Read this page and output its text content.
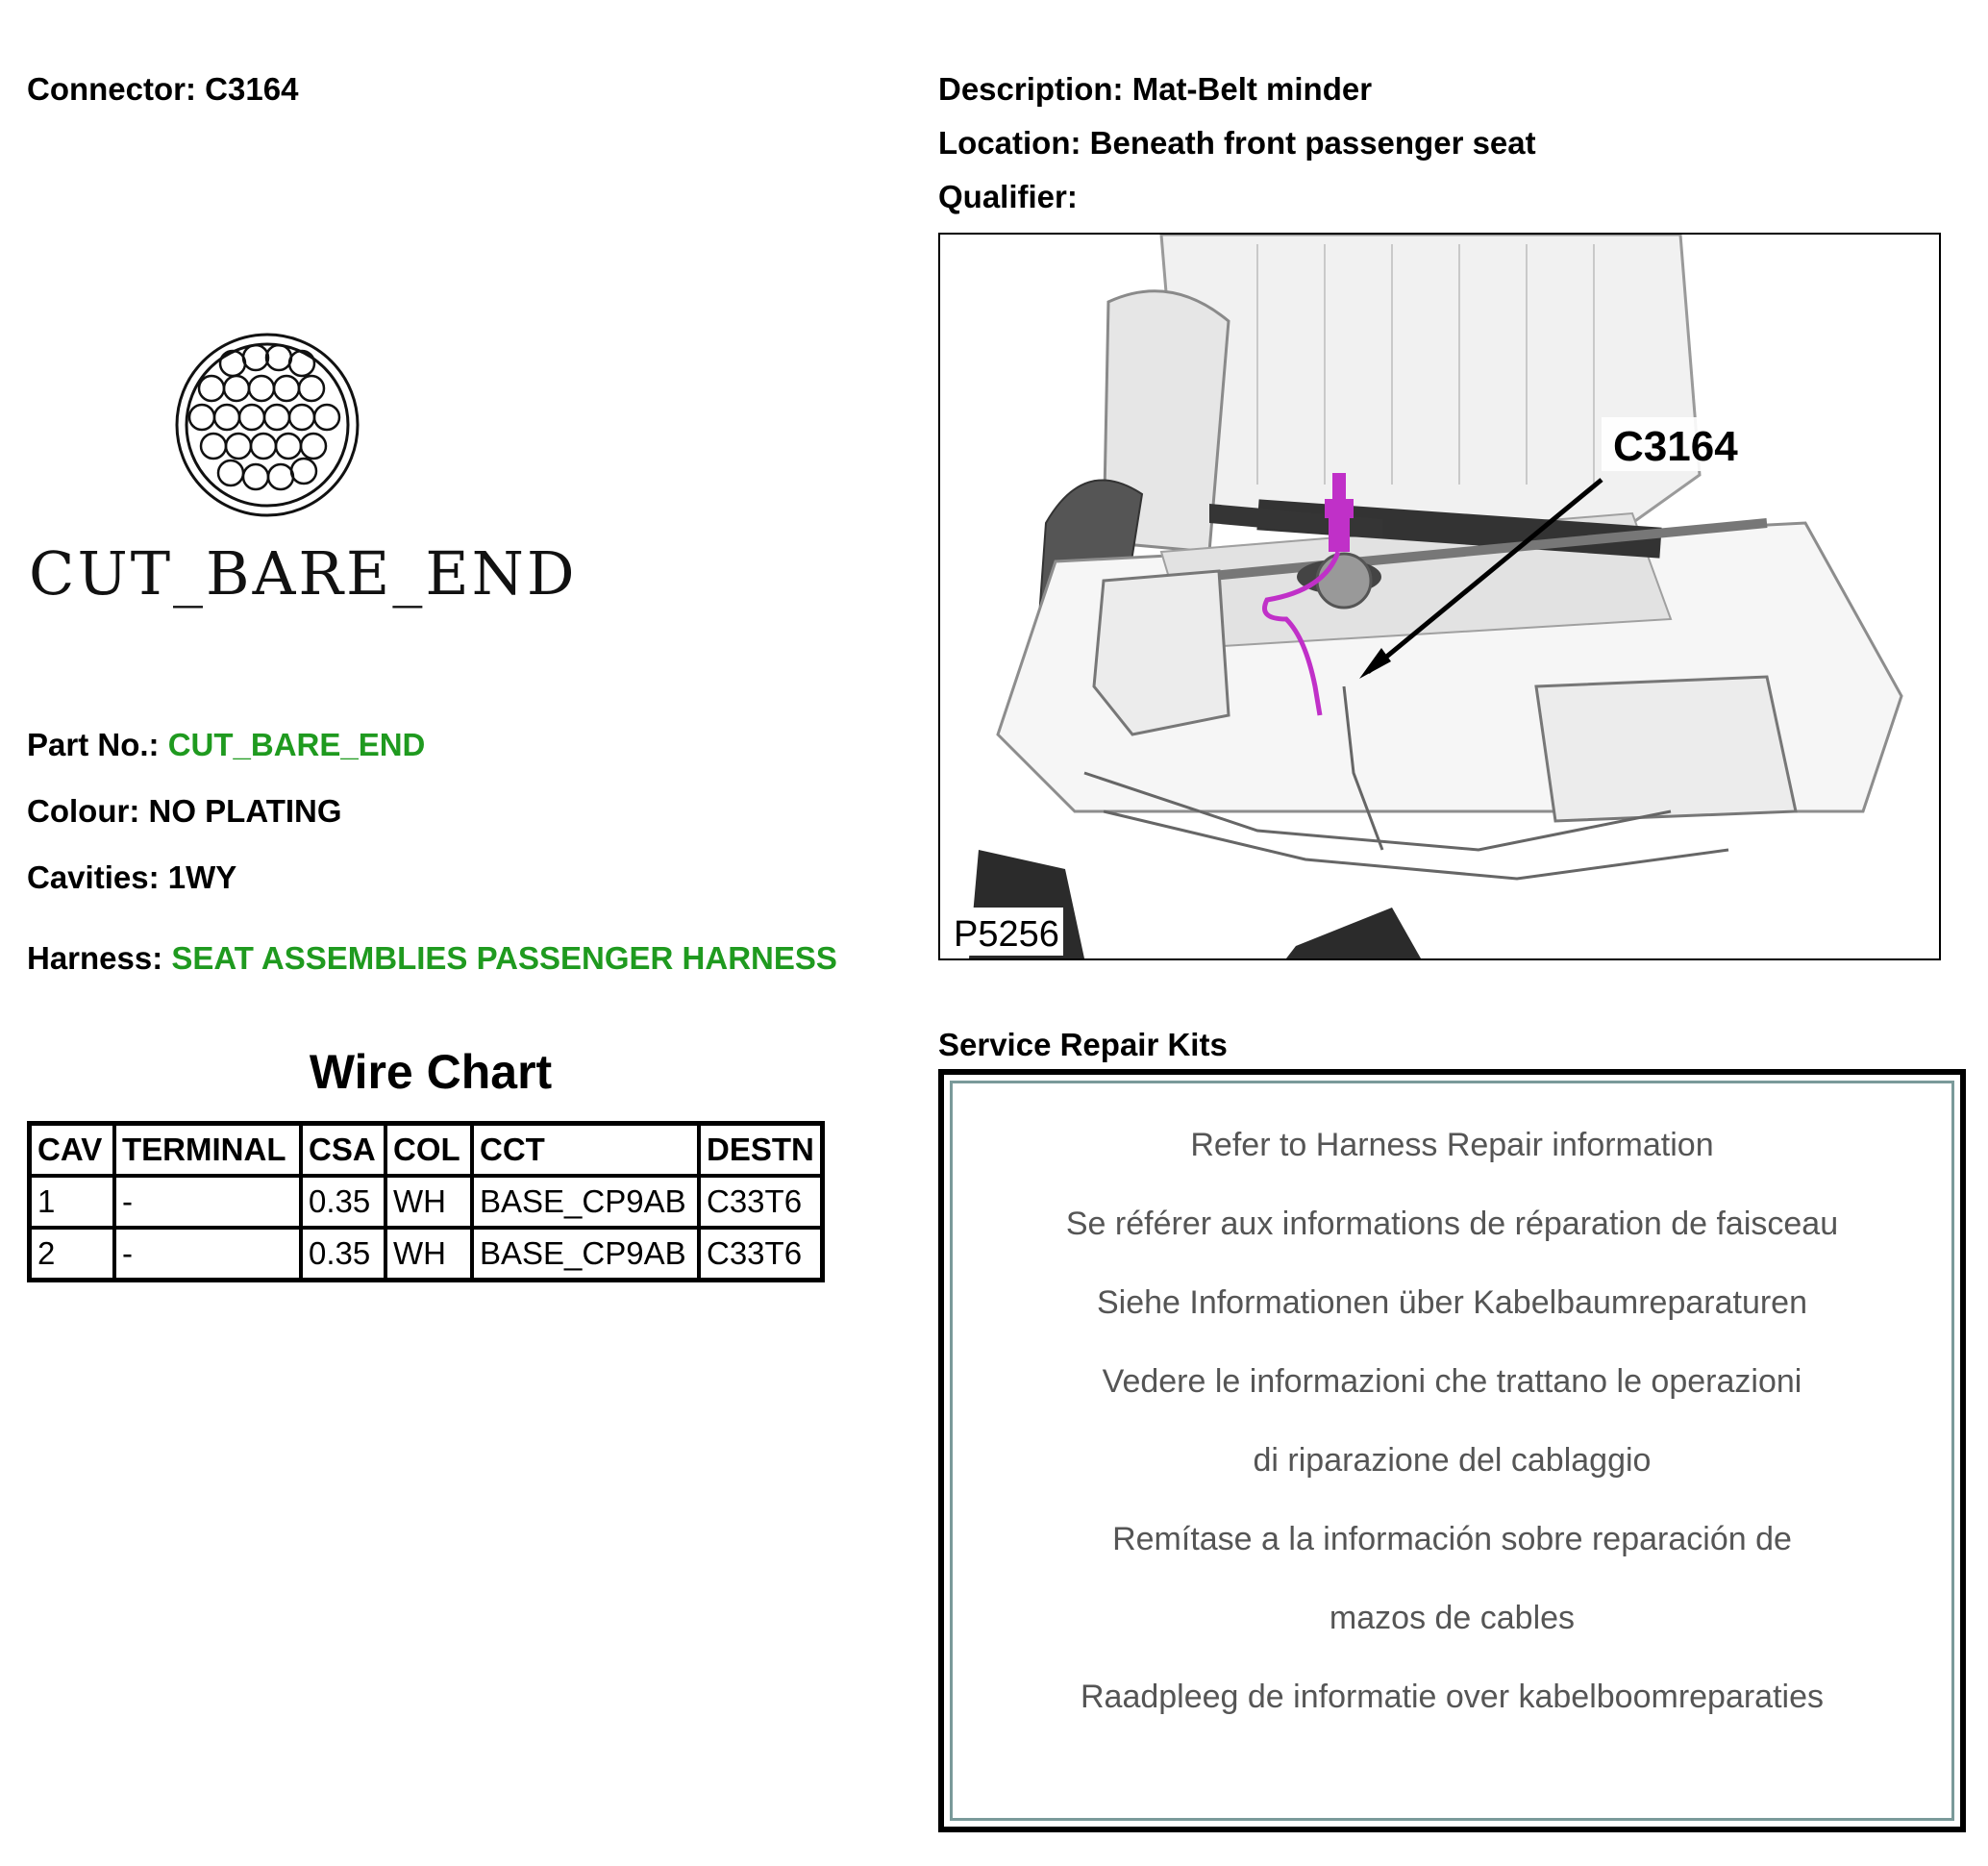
Connector: C3164
CUT_BARE_END
Part No.: CUT_BARE_END
Colour: NO PLATING
Cavities: 1WY
Harness: SEAT ASSEMBLIES PASSENGER HARNESS
Wire Chart
CAV	TERMINAL	CSA	COL	CCT	DESTN
1	-	0.35	WH	BASE_CP9AB	C33T6
2	-	0.35	WH	BASE_CP9AB	C33T6
Description: Mat-Belt minder
Location: Beneath front passenger seat
Qualifier:
C3164
P5256
Service Repair Kits
Refer to Harness Repair information
Se référer aux informations de réparation de faisceau
Siehe Informationen über Kabelbaumreparaturen
Vedere le informazioni che trattano le operazioni
di riparazione del cablaggio
Remítase a la información sobre reparación de
mazos de cables
Raadpleeg de informatie over kabelboomreparaties
